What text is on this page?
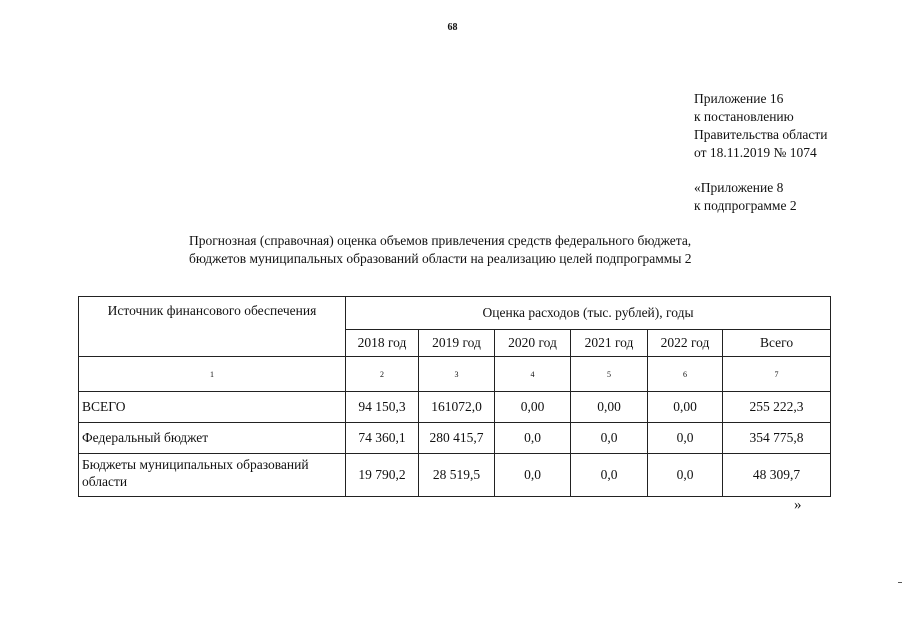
68
Приложение 16
к постановлению
Правительства области
от 18.11.2019 № 1074
«Приложение 8
к подпрограмме 2
Прогнозная (справочная) оценка объемов привлечения средств федерального бюджета,
бюджетов муниципальных образований области на реализацию целей подпрограммы 2
Источник финансового обеспечения	Оценка расходов (тыс. рублей), годы					
	2018 год	2019 год	2020 год	2021 год	2022 год	Всего
1	2	3	4	5	6	7
ВСЕГО	94 150,3	161072,0	0,00	0,00	0,00	255 222,3
Федеральный бюджет	74 360,1	280 415,7	0,0	0,0	0,0	354 775,8
Бюджеты муниципальных образований области	19 790,2	28 519,5	0,0	0,0	0,0	48 309,7
»
